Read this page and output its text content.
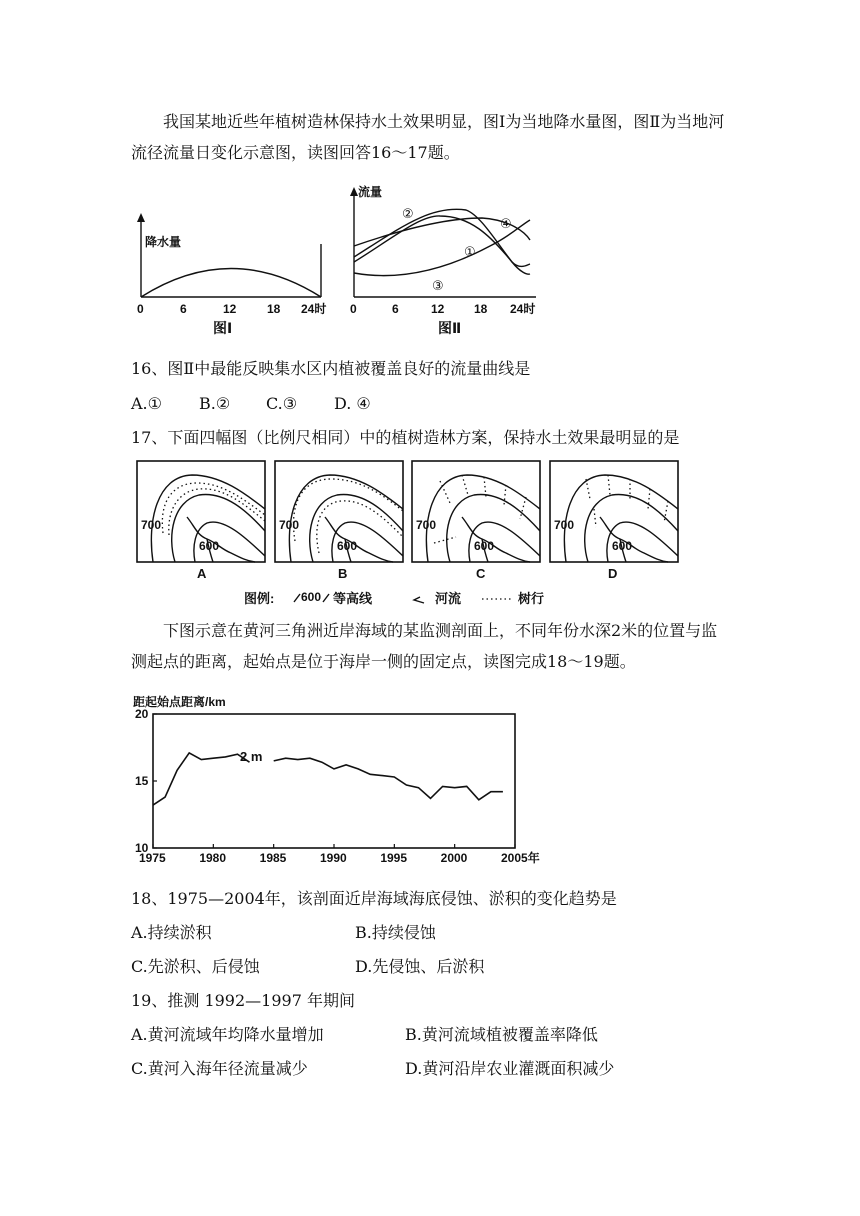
我国某地近些年植树造林保持水土效果明显，图Ⅰ为当地降水量图，图Ⅱ为当地河流径流量日变化示意图，读图回答16～17题。
降水量
0	6	12	18 24时
图Ⅰ
流量
②
④
①
③
0	6	12 18 24时
图Ⅱ
16、图Ⅱ中最能反映集水区内植被覆盖良好的流量曲线是
A.① B.② C.③ D. ④
17、下面四幅图（比例尺相同）中的植树造林方案，保持水土效果最明显的是
700
600
700
600
700
600
700
600
A	B	C	D
图例: 600 等高线	河流	树行
下图示意在黄河三角洲近岸海域的某监测剖面上，不同年份水深2米的位置与监测起点的距离，起始点是位于海岸一侧的固定点，读图完成18～19题。
距起始点距离/km
20
15
10
1975	1980	1985	1990	1995	2000	2005年
2 m
18、1975—2004年，该剖面近岸海域海底侵蚀、淤积的变化趋势是
A.持续淤积	B.持续侵蚀
C.先淤积、后侵蚀	D.先侵蚀、后淤积
19、推测 1992—1997 年期间
A.黄河流域年均降水量增加	B.黄河流域植被覆盖率降低
C.黄河入海年径流量减少	D.黄河沿岸农业灌溉面积减少
